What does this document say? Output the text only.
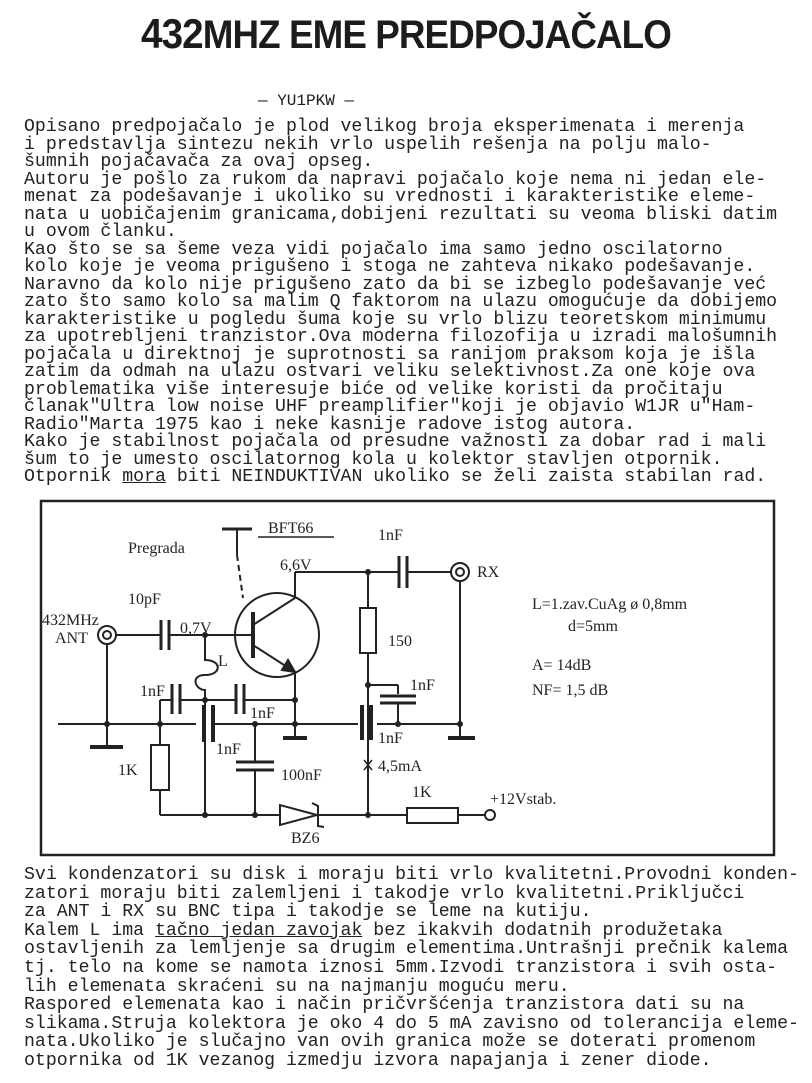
432MHZ EME PREDPOJAČALO
— YU1PKW —
Opisano predpojačalo je plod velikog broja eksperimenata i merenja
i predstavlja sintezu nekih vrlo uspelih rešenja na polju malo-
šumnih pojačavača za ovaj opseg.
Autoru je pošlo za rukom da napravi pojačalo koje nema ni jedan ele-
menat za podešavanje i ukoliko su vrednosti i karakteristike eleme-
nata u uobičajenim granicama,dobijeni rezultati su veoma bliski datim
u ovom članku.
Kao što se sa šeme veza vidi pojačalo ima samo jedno oscilatorno
kolo koje je veoma prigušeno i stoga ne zahteva nikako podešavanje.
Naravno da kolo nije prigušeno zato da bi se izbeglo podešavanje već
zato što samo kolo sa malim Q faktorom na ulazu omogućuje da dobijemo
karakteristike u pogledu šuma koje su vrlo blizu teoretskom minimumu
za upotrebljeni tranzistor.Ova moderna filozofija u izradi malošumnih
pojačala u direktnoj je suprotnosti sa ranijom praksom koja je išla
zatim da odmah na ulazu ostvari veliku selektivnost.Za one koje ova
problematika više interesuje biće od velike koristi da pročitaju
članak"Ultra low noise UHF preamplifier"koji je objavio W1JR u"Ham-
Radio"Marta 1975 kao i neke kasnije radove istog autora.
Kako je stabilnost pojačala od presudne važnosti za dobar rad i mali
šum to je umesto oscilatornog kola u kolektor stavljen otpornik.
Otpornik mora biti NEINDUKTIVAN ukoliko se želi zaista stabilan rad.
Svi kondenzatori su disk i moraju biti vrlo kvalitetni.Provodni konden-
zatori moraju biti zalemljeni i takodje vrlo kvalitetni.Priključci
za ANT i RX su BNC tipa i takodje se leme na kutiju.
Kalem L ima tačno jedan zavojak bez ikakvih dodatnih produžetaka
ostavljenih za lemljenje sa drugim elementima.Untrašnji prečnik kalema
tj. telo na kome se namota iznosi 5mm.Izvodi tranzistora i svih osta-
lih elemenata skraćeni su na najmanju moguću meru.
Raspored elemenata kao i način pričvršćenja tranzistora dati su na
slikama.Struja kolektora je oko 4 do 5 mA zavisno od tolerancija eleme-
nata.Ukoliko je slučajno van ovih granica može se doterati promenom
otpornika od 1K vezanog izmedju izvora napajanja i zener diode.
Pregrada
BFT66
6,6V
0,7V
432MHz
ANT
RX
10pF
1nF
L
1nF
1nF
1nF
100nF
1K
150
1nF
1nF
4,5mA
1K
BZ6
+12Vstab.
L=1.zav.CuAg ø 0,8mm
d=5mm
A= 14dB
NF= 1,5 dB
